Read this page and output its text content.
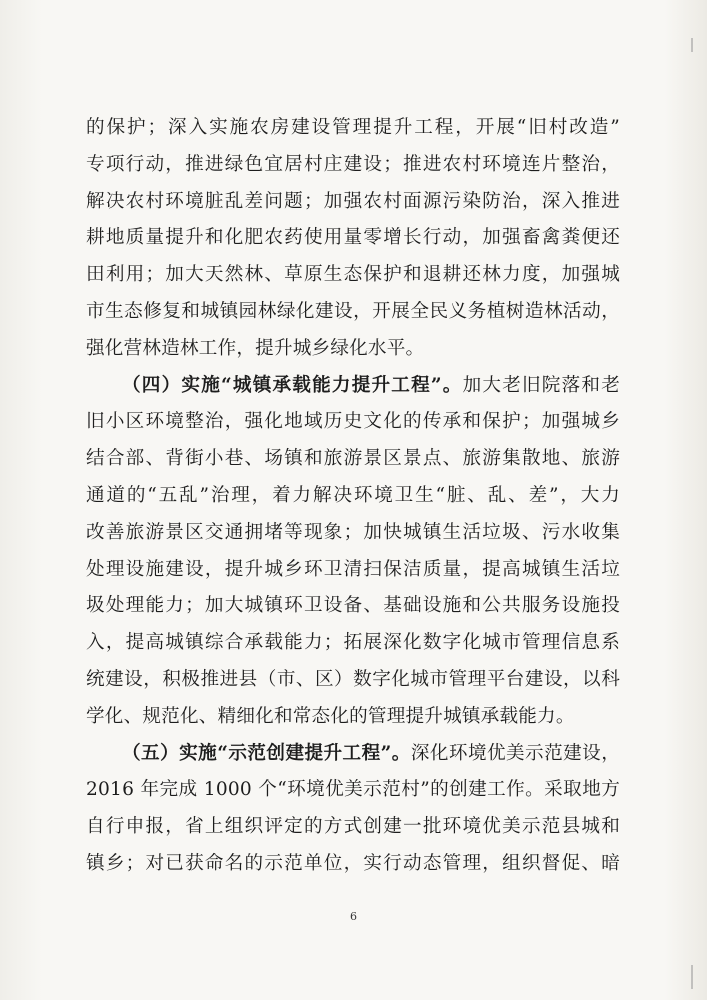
的保护；深入实施农房建设管理提升工程，开展“旧村改造”
专项行动，推进绿色宜居村庄建设；推进农村环境连片整治，
解决农村环境脏乱差问题；加强农村面源污染防治，深入推进
耕地质量提升和化肥农药使用量零增长行动，加强畜禽粪便还
田利用；加大天然林、草原生态保护和退耕还林力度，加强城
市生态修复和城镇园林绿化建设，开展全民义务植树造林活动，
强化营林造林工作，提升城乡绿化水平。
（四）实施“城镇承载能力提升工程”。加大老旧院落和老
旧小区环境整治，强化地域历史文化的传承和保护；加强城乡
结合部、背街小巷、场镇和旅游景区景点、旅游集散地、旅游
通道的“五乱”治理，着力解决环境卫生“脏、乱、差”，大力
改善旅游景区交通拥堵等现象；加快城镇生活垃圾、污水收集
处理设施建设，提升城乡环卫清扫保洁质量，提高城镇生活垃
圾处理能力；加大城镇环卫设备、基础设施和公共服务设施投
入，提高城镇综合承载能力；拓展深化数字化城市管理信息系
统建设，积极推进县（市、区）数字化城市管理平台建设，以科
学化、规范化、精细化和常态化的管理提升城镇承载能力。
（五）实施“示范创建提升工程”。深化环境优美示范建设，
2016 年完成 1000 个“环境优美示范村”的创建工作。采取地方
自行申报，省上组织评定的方式创建一批环境优美示范县城和
镇乡；对已获命名的示范单位，实行动态管理，组织督促、暗
6
